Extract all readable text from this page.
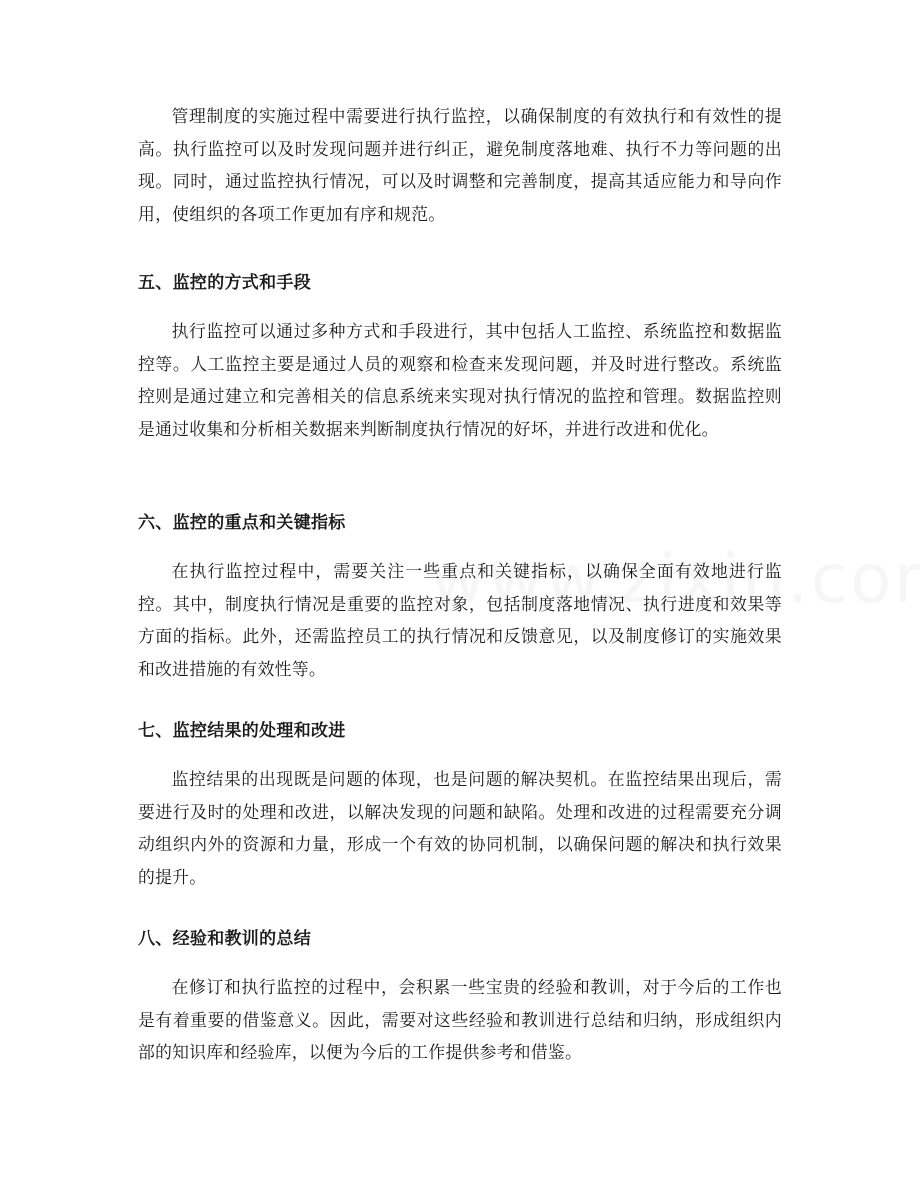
管理制度的实施过程中需要进行执行监控，以确保制度的有效执行和有效性的提高。执行监控可以及时发现问题并进行纠正，避免制度落地难、执行不力等问题的出现。同时，通过监控执行情况，可以及时调整和完善制度，提高其适应能力和导向作用，使组织的各项工作更加有序和规范。

五、监控的方式和手段

执行监控可以通过多种方式和手段进行，其中包括人工监控、系统监控和数据监控等。人工监控主要是通过人员的观察和检查来发现问题，并及时进行整改。系统监控则是通过建立和完善相关的信息系统来实现对执行情况的监控和管理。数据监控则是通过收集和分析相关数据来判断制度执行情况的好坏，并进行改进和优化。

六、监控的重点和关键指标

在执行监控过程中，需要关注一些重点和关键指标，以确保全面有效地进行监控。其中，制度执行情况是重要的监控对象，包括制度落地情况、执行进度和效果等方面的指标。此外，还需监控员工的执行情况和反馈意见，以及制度修订的实施效果和改进措施的有效性等。

七、监控结果的处理和改进

监控结果的出现既是问题的体现，也是问题的解决契机。在监控结果出现后，需要进行及时的处理和改进，以解决发现的问题和缺陷。处理和改进的过程需要充分调动组织内外的资源和力量，形成一个有效的协同机制，以确保问题的解决和执行效果的提升。

八、经验和教训的总结

在修订和执行监控的过程中，会积累一些宝贵的经验和教训，对于今后的工作也是有着重要的借鉴意义。因此，需要对这些经验和教训进行总结和归纳，形成组织内部的知识库和经验库，以便为今后的工作提供参考和借鉴。
